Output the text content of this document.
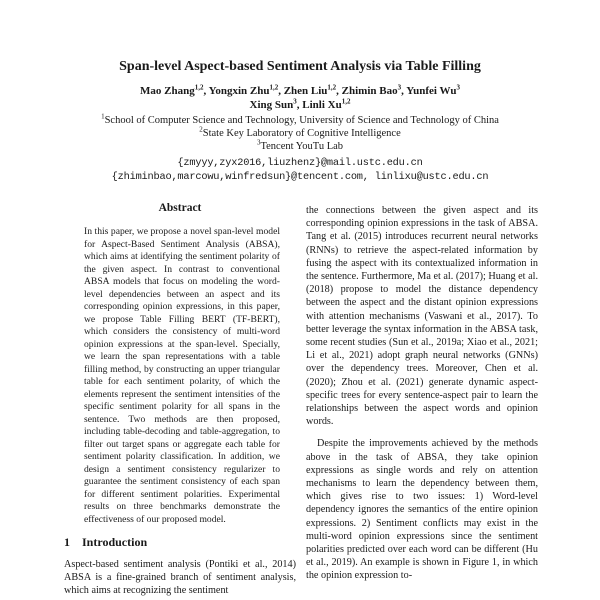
Span-level Aspect-based Sentiment Analysis via Table Filling
Mao Zhang$^{1,2}$, Yongxin Zhu$^{1,2}$, Zhen Liu$^{1,2}$, Zhimin Bao$^3$, Yunfei Wu$^3$
Xing Sun$^3$, Linli Xu$^{1,2}$
$^1$School of Computer Science and Technology, University of Science and Technology of China
$^2$State Key Laboratory of Cognitive Intelligence
$^3$Tencent YouTu Lab
{zmyyy,zyx2016,liuzhenz}@mail.ustc.edu.cn
{zhiminbao,marcowu,winfredsun}@tencent.com, linlixu@ustc.edu.cn
Abstract
In this paper, we propose a novel span-level model for Aspect-Based Sentiment Analysis (ABSA), which aims at identifying the sentiment polarity of the given aspect. In contrast to conventional ABSA models that focus on modeling the word-level dependencies between an aspect and its corresponding opinion expressions, in this paper, we propose Table Filling BERT (TF-BERT), which considers the consistency of multi-word opinion expressions at the span-level. Specially, we learn the span representations with a table filling method, by constructing an upper triangular table for each sentiment polarity, of which the elements represent the sentiment intensities of the specific sentiment polarity for all spans in the sentence. Two methods are then proposed, including table-decoding and table-aggregation, to filter out target spans or aggregate each table for sentiment polarity classification. In addition, we design a sentiment consistency regularizer to guarantee the sentiment consistency of each span for different sentiment polarities. Experimental results on three benchmarks demonstrate the effectiveness of our proposed model.
1 Introduction

Aspect-based sentiment analysis (Pontiki et al., 2014) ABSA is a fine-grained branch of sentiment analysis, which aims at recognizing the sentiment

the connections between the given aspect and its corresponding opinion expressions in the task of ABSA. Tang et al. (2015) introduces recurrent neural networks (RNNs) to retrieve the aspect-related information by fusing the aspect with its contextualized information in the sentence. Furthermore, Ma et al. (2017); Huang et al. (2018) propose to model the distance dependency between the aspect and the distant opinion expressions with attention mechanisms (Vaswani et al., 2017). To better leverage the syntax information in the ABSA task, some recent studies (Sun et al., 2019a; Xiao et al., 2021; Li et al., 2021) adopt graph neural networks (GNNs) over the dependency trees. Moreover, Chen et al. (2020); Zhou et al. (2021) generate dynamic aspect-specific trees for every sentence-aspect pair to learn the relationships between the aspect words and opinion words.

Despite the improvements achieved by the methods above in the task of ABSA, they take opinion expressions as single words and rely on attention mechanisms to learn the dependency between them, which gives rise to two issues: 1) Word-level dependency ignores the semantics of the entire opinion expressions. 2) Sentiment conflicts may exist in the multi-word opinion expressions since the sentiment polarities predicted over each word can be different (Hu et al., 2019). An example is shown in Figure 1, in which the opinion expression to-
